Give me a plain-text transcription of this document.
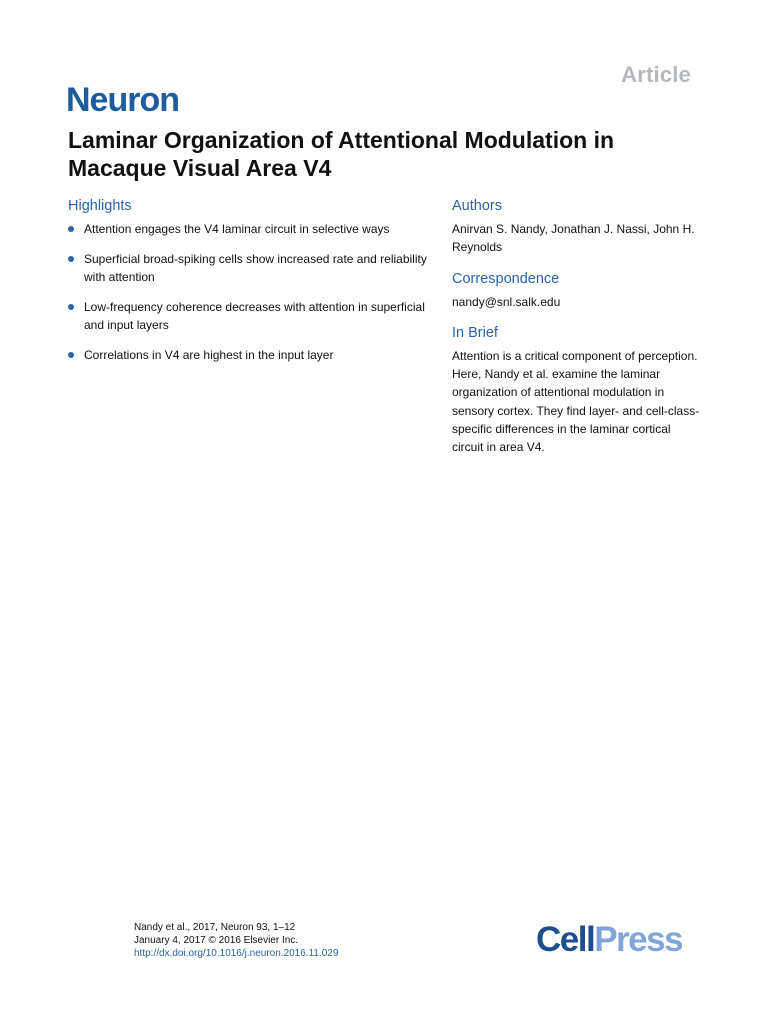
Article
Neuron
Laminar Organization of Attentional Modulation in Macaque Visual Area V4
Highlights
Attention engages the V4 laminar circuit in selective ways
Superficial broad-spiking cells show increased rate and reliability with attention
Low-frequency coherence decreases with attention in superficial and input layers
Correlations in V4 are highest in the input layer
Authors

Anirvan S. Nandy, Jonathan J. Nassi, John H. Reynolds

Correspondence

nandy@snl.salk.edu

In Brief

Attention is a critical component of perception. Here, Nandy et al. examine the laminar organization of attentional modulation in sensory cortex. They find layer- and cell-class-specific differences in the laminar cortical circuit in area V4.

Nandy et al., 2017, Neuron 93, 1–12
January 4, 2017 © 2016 Elsevier Inc.
http://dx.doi.org/10.1016/j.neuron.2016.11.029	CellPress
